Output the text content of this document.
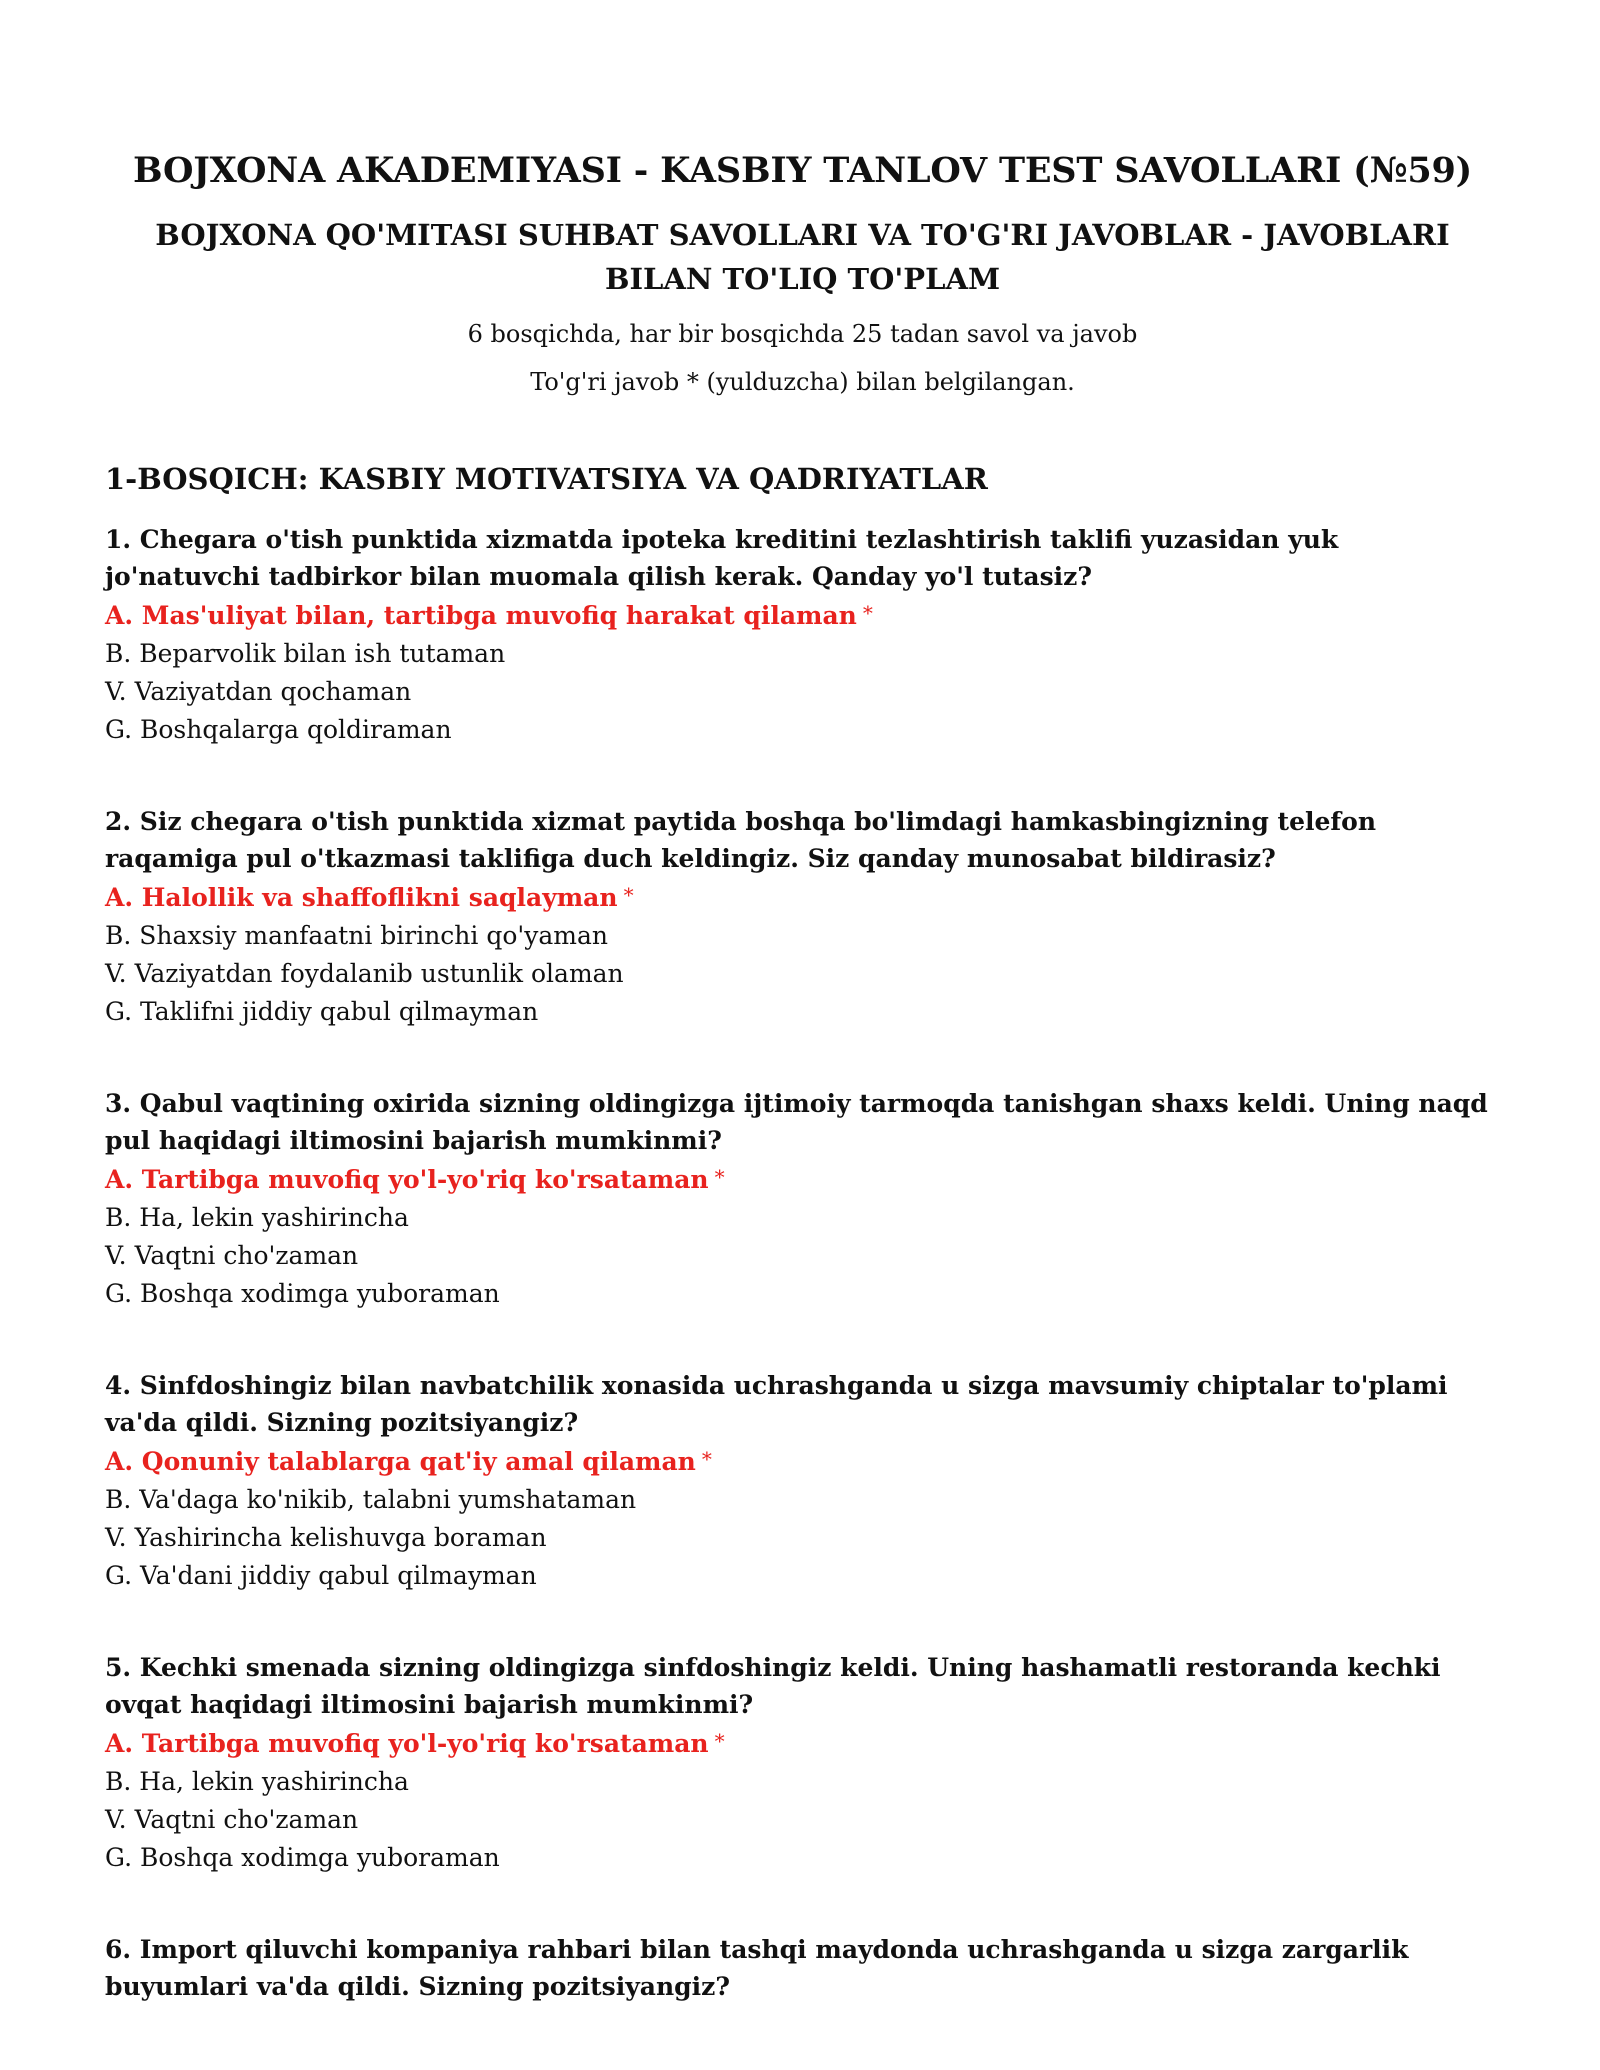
BOJXONA AKADEMIYASI - KASBIY TANLOV TEST SAVOLLARI (№59)
BOJXONA QO'MITASI SUHBAT SAVOLLARI VA TO'G'RI JAVOBLAR - JAVOBLARI BILAN TO'LIQ TO'PLAM

6 bosqichda, har bir bosqichda 25 tadan savol va javob

To'g'ri javob * (yulduzcha) bilan belgilangan.

1-BOSQICH: KASBIY MOTIVATSIYA VA QADRIYATLAR

1. Chegara o'tish punktida xizmatda ipoteka kreditini tezlashtirish taklifi yuzasidan yuk jo'natuvchi tadbirkor bilan muomala qilish kerak. Qanday yo'l tutasiz?

A. Mas'uliyat bilan, tartibga muvofiq harakat qilaman *

B. Beparvolik bilan ish tutaman

V. Vaziyatdan qochaman

G. Boshqalarga qoldiraman

2. Siz chegara o'tish punktida xizmat paytida boshqa bo'limdagi hamkasbingizning telefon raqamiga pul o'tkazmasi taklifiga duch keldingiz. Siz qanday munosabat bildirasiz?

A. Halollik va shaffoflikni saqlayman *

B. Shaxsiy manfaatni birinchi qo'yaman

V. Vaziyatdan foydalanib ustunlik olaman

G. Taklifni jiddiy qabul qilmayman

3. Qabul vaqtining oxirida sizning oldingizga ijtimoiy tarmoqda tanishgan shaxs keldi. Uning naqd pul haqidagi iltimosini bajarish mumkinmi?

A. Tartibga muvofiq yo'l-yo'riq ko'rsataman *

B. Ha, lekin yashirincha

V. Vaqtni cho'zaman

G. Boshqa xodimga yuboraman

4. Sinfdoshingiz bilan navbatchilik xonasida uchrashganda u sizga mavsumiy chiptalar to'plami va'da qildi. Sizning pozitsiyangiz?

A. Qonuniy talablarga qat'iy amal qilaman *

B. Va'daga ko'nikib, talabni yumshataman

V. Yashirincha kelishuvga boraman

G. Va'dani jiddiy qabul qilmayman

5. Kechki smenada sizning oldingizga sinfdoshingiz keldi. Uning hashamatli restoranda kechki ovqat haqidagi iltimosini bajarish mumkinmi?

A. Tartibga muvofiq yo'l-yo'riq ko'rsataman *

B. Ha, lekin yashirincha

V. Vaqtni cho'zaman

G. Boshqa xodimga yuboraman

6. Import qiluvchi kompaniya rahbari bilan tashqi maydonda uchrashganda u sizga zargarlik buyumlari va'da qildi. Sizning pozitsiyangiz?
